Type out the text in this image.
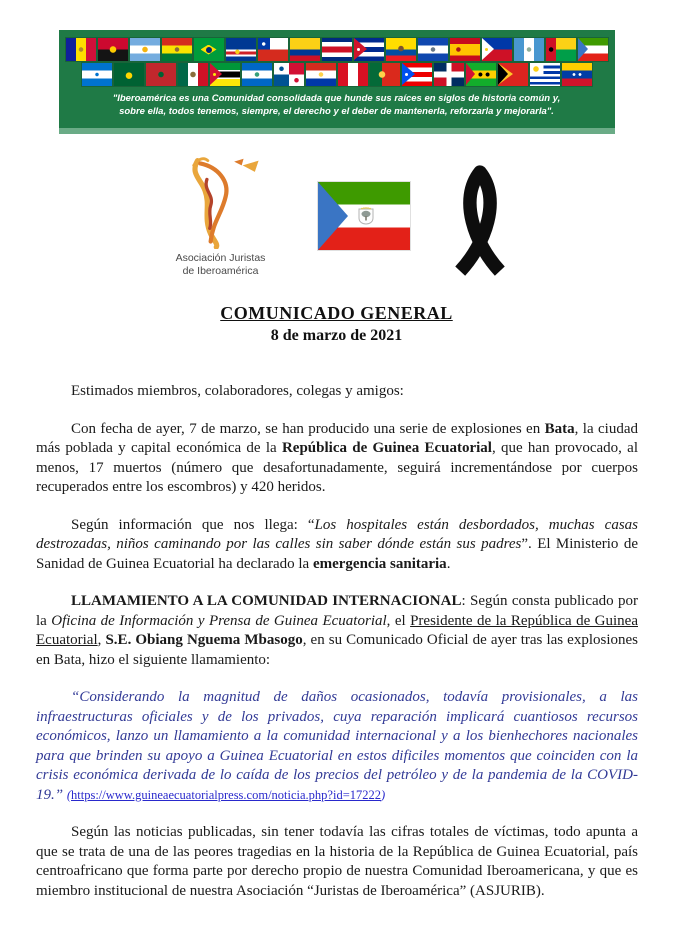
"Iberoamérica es una Comunidad consolidada que hunde sus raíces en siglos de historia común y,
sobre ella, todos tenemos, siempre, el derecho y el deber de mantenerla, reforzarla y mejorarla".
Asociación Juristas
de Iberoamérica
COMUNICADO GENERAL
8 de marzo de 2021

Estimados miembros, colaboradores, colegas y amigos:

Con fecha de ayer, 7 de marzo, se han producido una serie de explosiones en Bata, la ciudad más poblada y capital económica de la República de Guinea Ecuatorial, que han provocado, al menos, 17 muertos (número que desafortunadamente, seguirá incrementándose por cuerpos recuperados entre los escombros) y 420 heridos.

Según información que nos llega: “Los hospitales están desbordados, muchas casas destrozadas, niños caminando por las calles sin saber dónde están sus padres”. El Ministerio de Sanidad de Guinea Ecuatorial ha declarado la emergencia sanitaria.

LLAMAMIENTO A LA COMUNIDAD INTERNACIONAL: Según consta publicado por la Oficina de Información y Prensa de Guinea Ecuatorial, el Presidente de la República de Guinea Ecuatorial, S.E. Obiang Nguema Mbasogo, en su Comunicado Oficial de ayer tras las explosiones en Bata, hizo el siguiente llamamiento:

“Considerando la magnitud de daños ocasionados, todavía provisionales, a las infraestructuras oficiales y de los privados, cuya reparación implicará cuantiosos recursos económicos, lanzo un llamamiento a la comunidad internacional y a los bienhechores nacionales para que brinden su apoyo a Guinea Ecuatorial en estos dificiles momentos que coinciden con la crisis económica derivada de lo caída de los precios del petróleo y de la pandemia de la COVID-19.” (https://www.guineaecuatorialpress.com/noticia.php?id=17222)

Según las noticias publicadas, sin tener todavía las cifras totales de víctimas, todo apunta a que se trata de una de las peores tragedias en la historia de la República de Guinea Ecuatorial, país centroafricano que forma parte por derecho propio de nuestra Comunidad Iberoamericana, y que es miembro institucional de nuestra Asociación “Juristas de Iberoamérica” (ASJURIB).
